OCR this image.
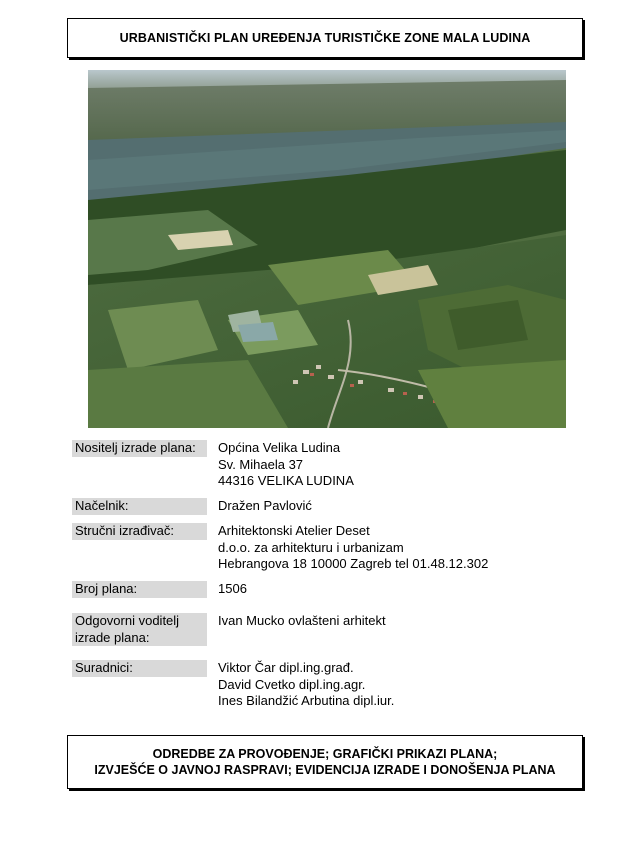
URBANISTIČKI PLAN UREĐENJA TURISTIČKE ZONE MALA LUDINA
Nositelj izrade plana:	Općina Velika Ludina
Sv. Mihaela 37
44316 VELIKA LUDINA
Načelnik:	Dražen Pavlović
Stručni izrađivač:	Arhitektonski Atelier Deset
d.o.o. za arhitekturu i urbanizam
Hebrangova 18 10000 Zagreb tel 01.48.12.302
Broj plana:	1506
Odgovorni voditelj izrade plana:
Ivan Mucko ovlašteni arhitekt
Suradnici:	Viktor Čar dipl.ing.građ.
David Cvetko dipl.ing.agr.
Ines Bilandžić Arbutina dipl.iur.
ODREDBE ZA PROVOĐENJE; GRAFIČKI PRIKAZI PLANA;
IZVJEŠĆE O JAVNOJ RASPRAVI; EVIDENCIJA IZRADE I DONOŠENJA PLANA
